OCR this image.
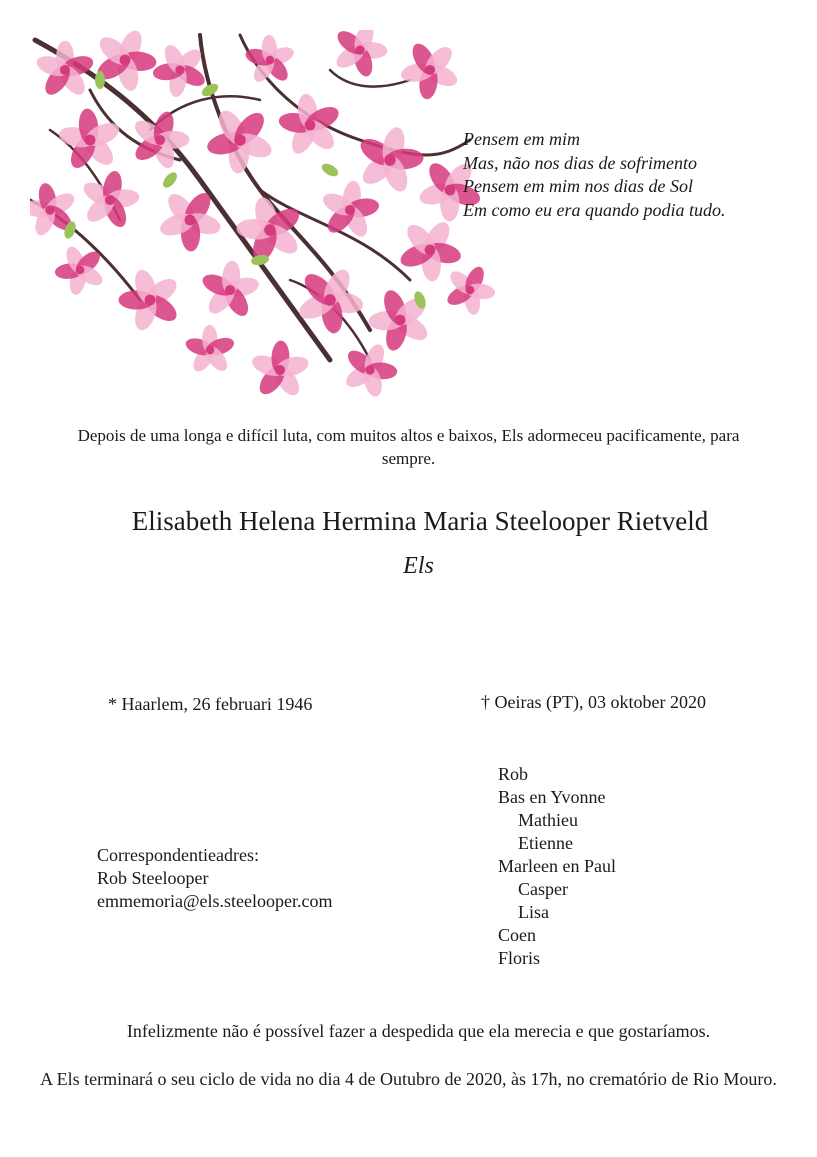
Pensem em mim
Mas, não nos dias de sofrimento
Pensem em mim nos dias de Sol
Em como eu era quando podia tudo.
Depois de uma longa e difícil luta, com muitos altos e baixos, Els adormeceu pacificamente, para sempre.
Elisabeth Helena Hermina Maria Steelooper Rietveld
Els
* Haarlem, 26 februari 1946	† Oeiras (PT), 03 oktober 2020
Rob
Bas en Yvonne
Mathieu
Etienne
Marleen en Paul
Casper
Lisa
Coen
Floris
Correspondentieadres:
Rob Steelooper
emmemoria@els.steelooper.com
Infelizmente não é possível fazer a despedida que ela merecia e que gostaríamos.
A Els terminará o seu ciclo de vida no dia 4 de Outubro de 2020, às 17h, no crematório de Rio Mouro.
